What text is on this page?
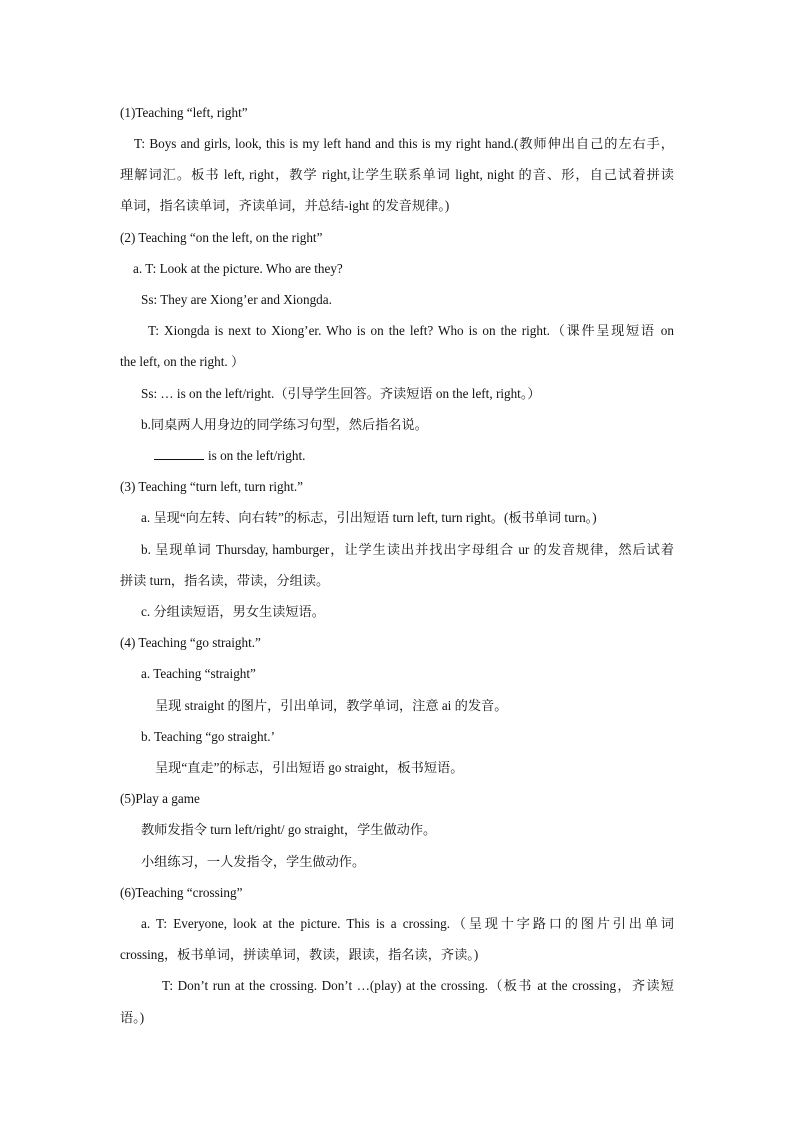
(1)Teaching “left, right”
T: Boys and girls, look, this is my left hand and this is my right hand.(教师伸出自己的左右手，
理解词汇。板书 left, right，教学 right,让学生联系单词 light, night 的音、形，自己试着拼读
单词，指名读单词，齐读单词，并总结-ight 的发音规律。)
(2) Teaching “on the left, on the right”
a. T: Look at the picture. Who are they?
Ss: They are Xiong’er and Xiongda.
T: Xiongda is next to Xiong’er. Who is on the left? Who is on the right.（课件呈现短语 on
the left, on the right. ）
Ss: … is on the left/right.（引导学生回答。齐读短语 on the left, right。）
b.同桌两人用身边的同学练习句型，然后指名说。
is on the left/right.
(3) Teaching “turn left, turn right.”
a. 呈现“向左转、向右转”的标志，引出短语 turn left, turn right。(板书单词 turn。)
b. 呈现单词 Thursday, hamburger，让学生读出并找出字母组合 ur 的发音规律，然后试着
拼读 turn，指名读，带读，分组读。
c. 分组读短语，男女生读短语。
(4) Teaching “go straight.”
a. Teaching “straight”
呈现 straight 的图片，引出单词，教学单词，注意 ai 的发音。
b. Teaching “go straight.’
呈现“直走”的标志，引出短语 go straight，板书短语。
(5)Play a game
教师发指令 turn left/right/ go straight，学生做动作。
小组练习，一人发指令，学生做动作。
(6)Teaching “crossing”
a. T: Everyone, look at the picture. This is a crossing.（呈现十字路口的图片引出单词
crossing，板书单词，拼读单词，教读，跟读，指名读，齐读。)
T: Don’t run at the crossing. Don’t …(play) at the crossing.（板书 at the crossing，齐读短
语。)
